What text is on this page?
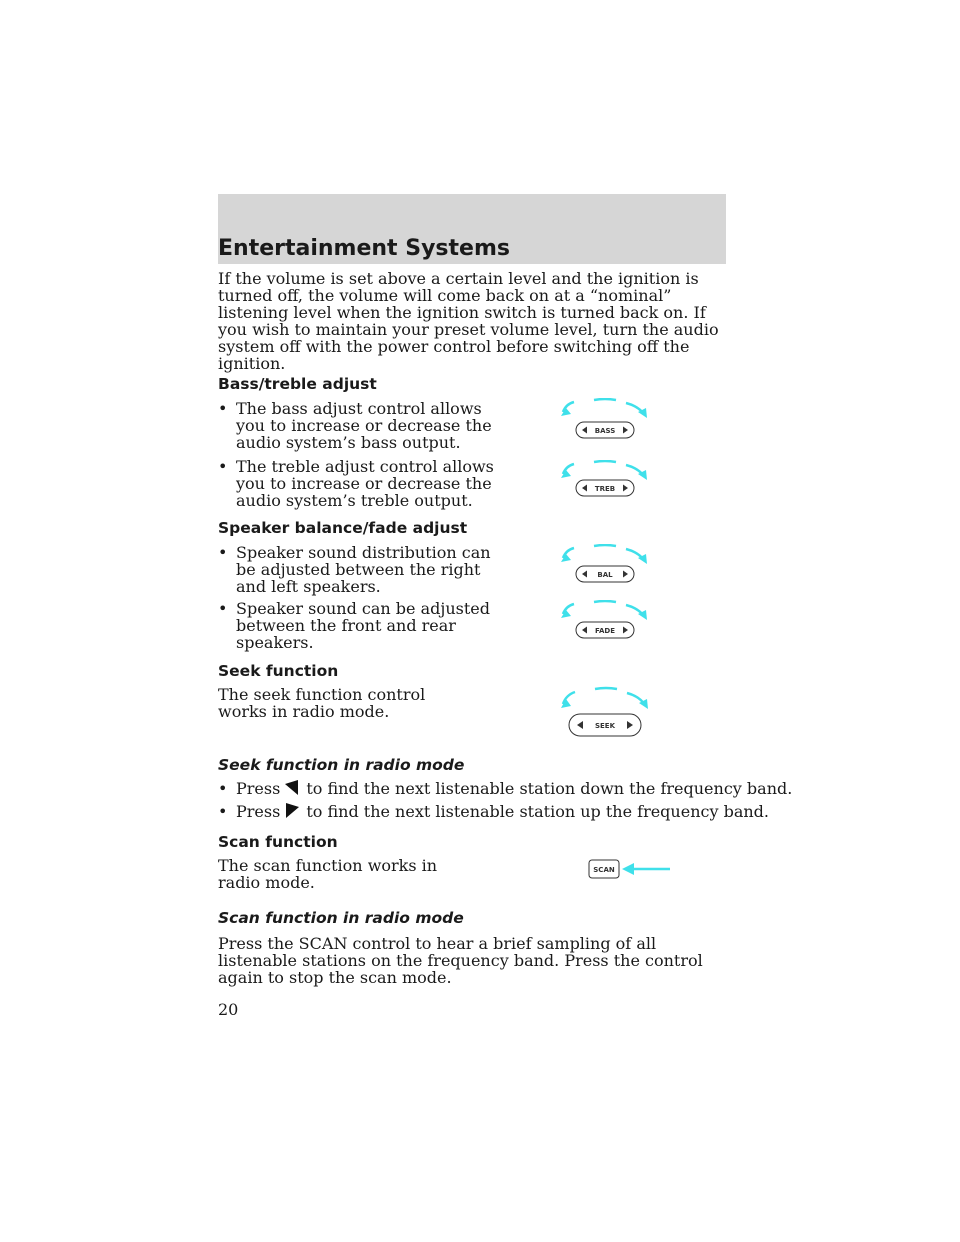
Entertainment Systems

If the volume is set above a certain level and the ignition is turned off, the volume will come back on at a “nominal” listening level when the ignition switch is turned back on. If you wish to maintain your preset volume level, turn the audio system off with the power control before switching off the ignition.

Bass/treble adjust
• The bass adjust control allows you to increase or decrease the audio system’s bass output.
• The treble adjust control allows you to increase or decrease the audio system’s treble output.
Speaker balance/fade adjust
• Speaker sound distribution can be adjusted between the right and left speakers.
• Speaker sound can be adjusted between the front and rear speakers.
Seek function

The seek function control works in radio mode.

Seek function in radio mode
• Press to find the next listenable station down the frequency band.
• Press to find the next listenable station up the frequency band.
Scan function

The scan function works in radio mode.

Scan function in radio mode

Press the SCAN control to hear a brief sampling of all listenable stations on the frequency band. Press the control again to stop the scan mode.

20
BASS
TREB
BAL
FADE
SEEK
SCAN
